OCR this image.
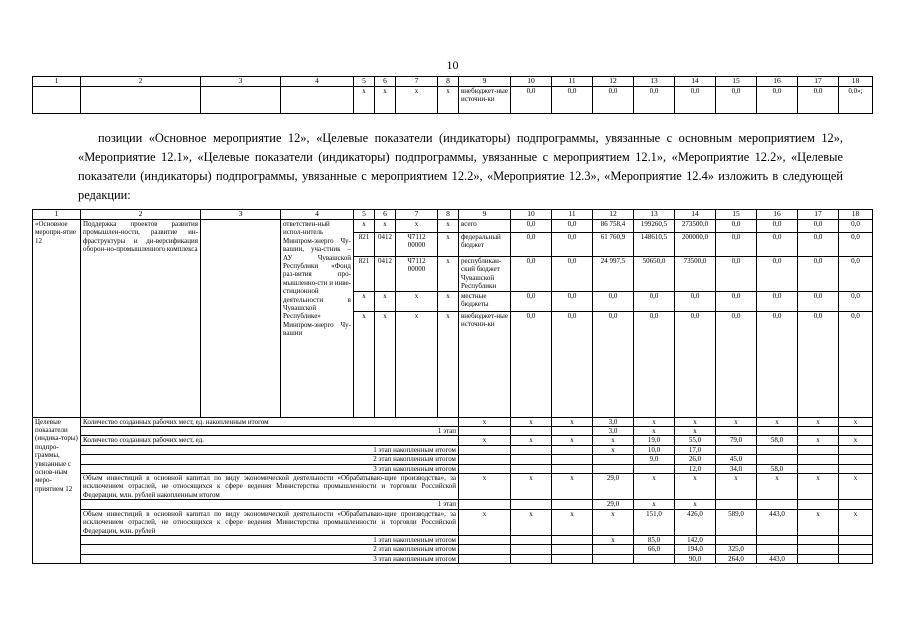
10
1	2	3	4	5	6	7	8	9	10	11	12	13	14	15	16	17	18
				x	x	x	x	внебюджет-ные источни-ки	0,0	0,0	0,0	0,0	0,0	0,0	0,0	0,0	0,0»;
позиции «Основное мероприятие 12», «Целевые показатели (индикаторы) подпрограммы, увязанные с основным мероприятием 12», «Мероприятие 12.1», «Целевые показатели (индикаторы) подпрограммы, увязанные с мероприятием 12.1», «Мероприятие 12.2», «Целевые показатели (индикаторы) подпрограммы, увязанные с мероприятием 12.2», «Мероприятие 12.3», «Мероприятие 12.4» изложить в следующей редакции:
1	2	3	4	5	6	7	8	9	10	11	12	13	14	15	16	17	18
«Основное меропри-ятие 12	Поддержка проектов развития промышлен-ности, развитие ин-фраструктуры и ди-версификация оборон-но-промышленного комплекса		ответствен-ный испол-нитель Минпром-энерго Чу-вашии, уча-стник – АУ Чувашской Республики «Фонд раз-вития про-мышленно-сти и инве-стиционной деятельности в Чувашской Республике» Минпром-энерго Чу-вашии	x	x	x	x	всего	0,0	0,0	86 758,4	199260,5	273500,0	0,0	0,0	0,0	0,0
				821	0412	Ч7112 00000	x	федеральный бюджет	0,0	0,0	61 760,9	148610,5	200000,0	0,0	0,0	0,0	0,0
				821	0412	Ч7112 00000	x	республикан-ский бюджет Чувашской Республики	0,0	0,0	24 997,5	50650,0	73500,0	0,0	0,0	0,0	0,0
				x	x	x	x	местные бюджеты	0,0	0,0	0,0	0,0	0,0	0,0	0,0	0,0	0,0
				x	x	x	x	внебюджет-ные источни-ки	0,0	0,0	0,0	0,0	0,0	0,0	0,0	0,0	0,0
Целевые показатели (индика-торы) подпро-граммы, увязанные с основ-ным меро-приятием 12	Количество созданных рабочих мест, ед. накопленным итогом							x	x	x	3,0	x	x	x	x	x	x
	1 этап										3,0	x	x				
	Количество созданных рабочих мест, ед.							x	x	x	x	19,0	55,0	79,0	58,0	x	x
	1 этап накопленным итогом										x	10,0	17,0				
	2 этап накопленным итогом											9,0	26,0	45,0			
	3 этап накопленным итогом												12,0	34,0	58,0		
	Объем инвестиций в основной капитал по виду экономической деятельности «Обрабатываю-щие производства», за исключением отраслей, не относящихся к сфере ведения Министерства промышленности и торговли Российской Федерации, млн. рублей накопленным итогом							x	x	x	29,0	x	x	x	x	x	x
	1 этап										29,0	x	x				
	Объем инвестиций в основной капитал по виду экономической деятельности «Обрабатываю-щие производства», за исключением отраслей, не относящихся к сфере ведения Министерства промышленности и торговли Российской Федерации, млн. рублей							x	x	x	x	151,0	426,0	589,0	443,0	x	x
	1 этап накопленным итогом										x	85,0	142,0				
	2 этап накопленным итогом											66,0	194,0	325,0			
	3 этап накопленным итогом												90,0	264,0	443,0		
